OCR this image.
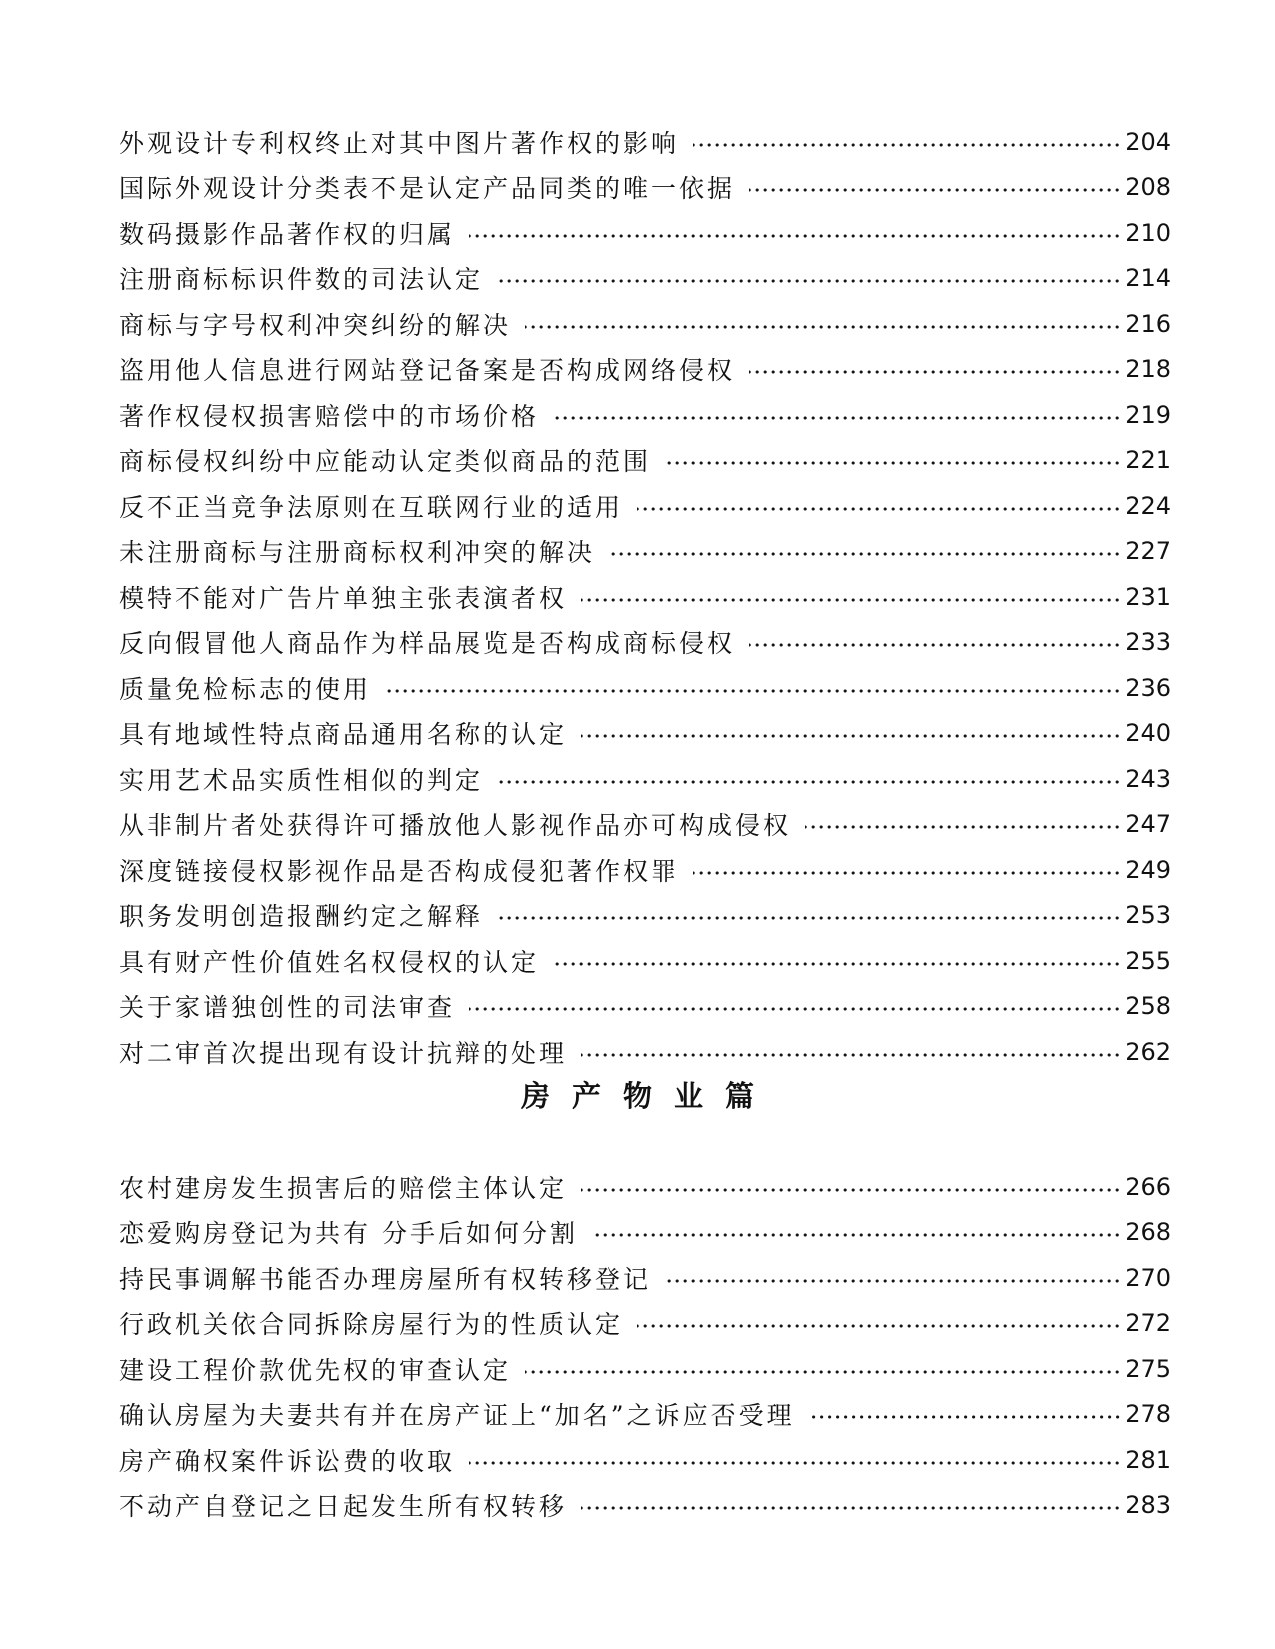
外观设计专利权终止对其中图片著作权的影响	204
国际外观设计分类表不是认定产品同类的唯一依据	208
数码摄影作品著作权的归属	210
注册商标标识件数的司法认定	214
商标与字号权利冲突纠纷的解决	216
盗用他人信息进行网站登记备案是否构成网络侵权	218
著作权侵权损害赔偿中的市场价格	219
商标侵权纠纷中应能动认定类似商品的范围	221
反不正当竞争法原则在互联网行业的适用	224
未注册商标与注册商标权利冲突的解决	227
模特不能对广告片单独主张表演者权	231
反向假冒他人商品作为样品展览是否构成商标侵权	233
质量免检标志的使用	236
具有地域性特点商品通用名称的认定	240
实用艺术品实质性相似的判定	243
从非制片者处获得许可播放他人影视作品亦可构成侵权	247
深度链接侵权影视作品是否构成侵犯著作权罪	249
职务发明创造报酬约定之解释	253
具有财产性价值姓名权侵权的认定	255
关于家谱独创性的司法审查	258
对二审首次提出现有设计抗辩的处理	262
房产物业篇
农村建房发生损害后的赔偿主体认定	266
恋爱购房登记为共有 分手后如何分割	268
持民事调解书能否办理房屋所有权转移登记	270
行政机关依合同拆除房屋行为的性质认定	272
建设工程价款优先权的审查认定	275
确认房屋为夫妻共有并在房产证上“加名”之诉应否受理	278
房产确权案件诉讼费的收取	281
不动产自登记之日起发生所有权转移	283
